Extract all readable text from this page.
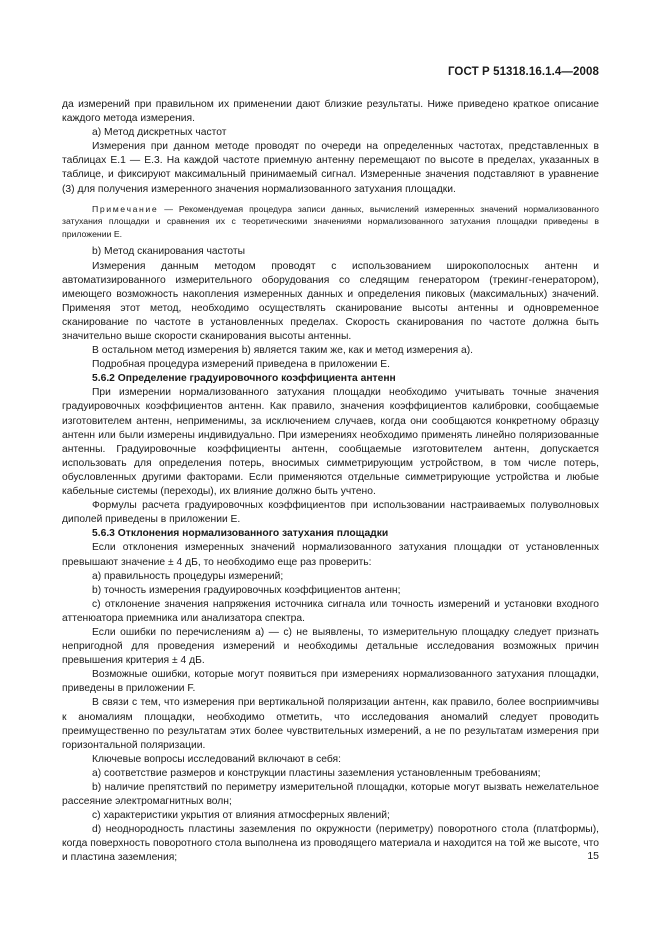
ГОСТ Р 51318.16.1.4—2008

да измерений при правильном их применении дают близкие результаты. Ниже приведено краткое описание каждого метода измерения.

а) Метод дискретных частот

Измерения при данном методе проводят по очереди на определенных частотах, представленных в таблицах Е.1 — Е.3. На каждой частоте приемную антенну перемещают по высоте в пределах, указанных в таблице, и фиксируют максимальный принимаемый сигнал. Измеренные значения подставляют в уравнение (3) для получения измеренного значения нормализованного затухания площадки.

Примечание — Рекомендуемая процедура записи данных, вычислений измеренных значений нормализованного затухания площадки и сравнения их с теоретическими значениями нормализованного затухания площадки приведены в приложении Е.

b) Метод сканирования частоты

Измерения данным методом проводят с использованием широкополосных антенн и автоматизированного измерительного оборудования со следящим генератором (трекинг-генератором), имеющего возможность накопления измеренных данных и определения пиковых (максимальных) значений. Применяя этот метод, необходимо осуществлять сканирование высоты антенны и одновременное сканирование по частоте в установленных пределах. Скорость сканирования по частоте должна быть значительно выше скорости сканирования высоты антенны.

В остальном метод измерения b) является таким же, как и метод измерения а).

Подробная процедура измерений приведена в приложении Е.

5.6.2 Определение градуировочного коэффициента антенн

При измерении нормализованного затухания площадки необходимо учитывать точные значения градуировочных коэффициентов антенн. Как правило, значения коэффициентов калибровки, сообщаемые изготовителем антенн, неприменимы, за исключением случаев, когда они сообщаются конкретному образцу антенн или были измерены индивидуально. При измерениях необходимо применять линейно поляризованные антенны. Градуировочные коэффициенты антенн, сообщаемые изготовителем антенн, допускается использовать для определения потерь, вносимых симметрирующим устройством, в том числе потерь, обусловленных другими факторами. Если применяются отдельные симметрирующие устройства и любые кабельные системы (переходы), их влияние должно быть учтено.

Формулы расчета градуировочных коэффициентов при использовании настраиваемых полуволновых диполей приведены в приложении Е.

5.6.3 Отклонения нормализованного затухания площадки

Если отклонения измеренных значений нормализованного затухания площадки от установленных превышают значение ± 4 дБ, то необходимо еще раз проверить:

а) правильность процедуры измерений;

b) точность измерения градуировочных коэффициентов антенн;

с) отклонение значения напряжения источника сигнала или точность измерений и установки входного аттенюатора приемника или анализатора спектра.

Если ошибки по перечислениям а) — с) не выявлены, то измерительную площадку следует признать непригодной для проведения измерений и необходимы детальные исследования возможных причин превышения критерия ± 4 дБ.

Возможные ошибки, которые могут появиться при измерениях нормализованного затухания площадки, приведены в приложении F.

В связи с тем, что измерения при вертикальной поляризации антенн, как правило, более восприимчивы к аномалиям площадки, необходимо отметить, что исследования аномалий следует проводить преимущественно по результатам этих более чувствительных измерений, а не по результатам измерения при горизонтальной поляризации.

Ключевые вопросы исследований включают в себя:

а) соответствие размеров и конструкции пластины заземления установленным требованиям;

b) наличие препятствий по периметру измерительной площадки, которые могут вызвать нежелательное рассеяние электромагнитных волн;

с) характеристики укрытия от влияния атмосферных явлений;

d) неоднородность пластины заземления по окружности (периметру) поворотного стола (платформы), когда поверхность поворотного стола выполнена из проводящего материала и находится на той же высоте, что и пластина заземления;	15
